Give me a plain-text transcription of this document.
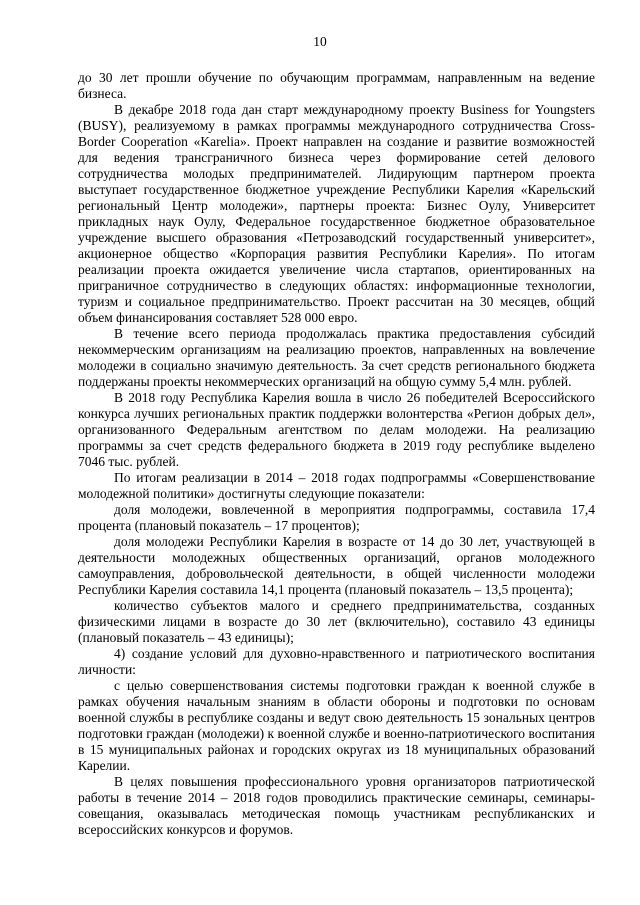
10

до 30 лет прошли обучение по обучающим программам, направленным на ведение бизнеса.

В декабре 2018 года дан старт международному проекту Business for Youngsters (BUSY), реализуемому в рамках программы международного сотрудничества Cross-Border Cooperation «Karelia». Проект направлен на создание и развитие возможностей для ведения трансграничного бизнеса через формирование сетей делового сотрудничества молодых предпринимателей. Лидирующим партнером проекта выступает государственное бюджетное учреждение Республики Карелия «Карельский региональный Центр молодежи», партнеры проекта: Бизнес Оулу, Университет прикладных наук Оулу, Федеральное государственное бюджетное образовательное учреждение высшего образования «Петрозаводский государственный университет», акционерное общество «Корпорация развития Республики Карелия». По итогам реализации проекта ожидается увеличение числа стартапов, ориентированных на приграничное сотрудничество в следующих областях: информационные технологии, туризм и социальное предпринимательство. Проект рассчитан на 30 месяцев, общий объем финансирования составляет 528 000 евро.

В течение всего периода продолжалась практика предоставления субсидий некоммерческим организациям на реализацию проектов, направленных на вовлечение молодежи в социально значимую деятельность. За счет средств регионального бюджета поддержаны проекты некоммерческих организаций на общую сумму 5,4 млн. рублей.

В 2018 году Республика Карелия вошла в число 26 победителей Всероссийского конкурса лучших региональных практик поддержки волонтерства «Регион добрых дел», организованного Федеральным агентством по делам молодежи. На реализацию программы за счет средств федерального бюджета в 2019 году республике выделено 7046 тыс. рублей.

По итогам реализации в 2014 – 2018 годах подпрограммы «Совершенствование молодежной политики» достигнуты следующие показатели:

доля молодежи, вовлеченной в мероприятия подпрограммы, составила 17,4 процента (плановый показатель – 17 процентов);

доля молодежи Республики Карелия в возрасте от 14 до 30 лет, участвующей в деятельности молодежных общественных организаций, органов молодежного самоуправления, добровольческой деятельности, в общей численности молодежи Республики Карелия составила 14,1 процента (плановый показатель – 13,5 процента);

количество субъектов малого и среднего предпринимательства, созданных физическими лицами в возрасте до 30 лет (включительно), составило 43 единицы (плановый показатель – 43 единицы);

4) создание условий для духовно-нравственного и патриотического воспитания личности:

с целью совершенствования системы подготовки граждан к военной службе в рамках обучения начальным знаниям в области обороны и подготовки по основам военной службы в республике созданы и ведут свою деятельность 15 зональных центров подготовки граждан (молодежи) к военной службе и военно-патриотического воспитания в 15 муниципальных районах и городских округах из 18 муниципальных образований Карелии.

В целях повышения профессионального уровня организаторов патриотической работы в течение 2014 – 2018 годов проводились практические семинары, семинары-совещания, оказывалась методическая помощь участникам республиканских и всероссийских конкурсов и форумов.
